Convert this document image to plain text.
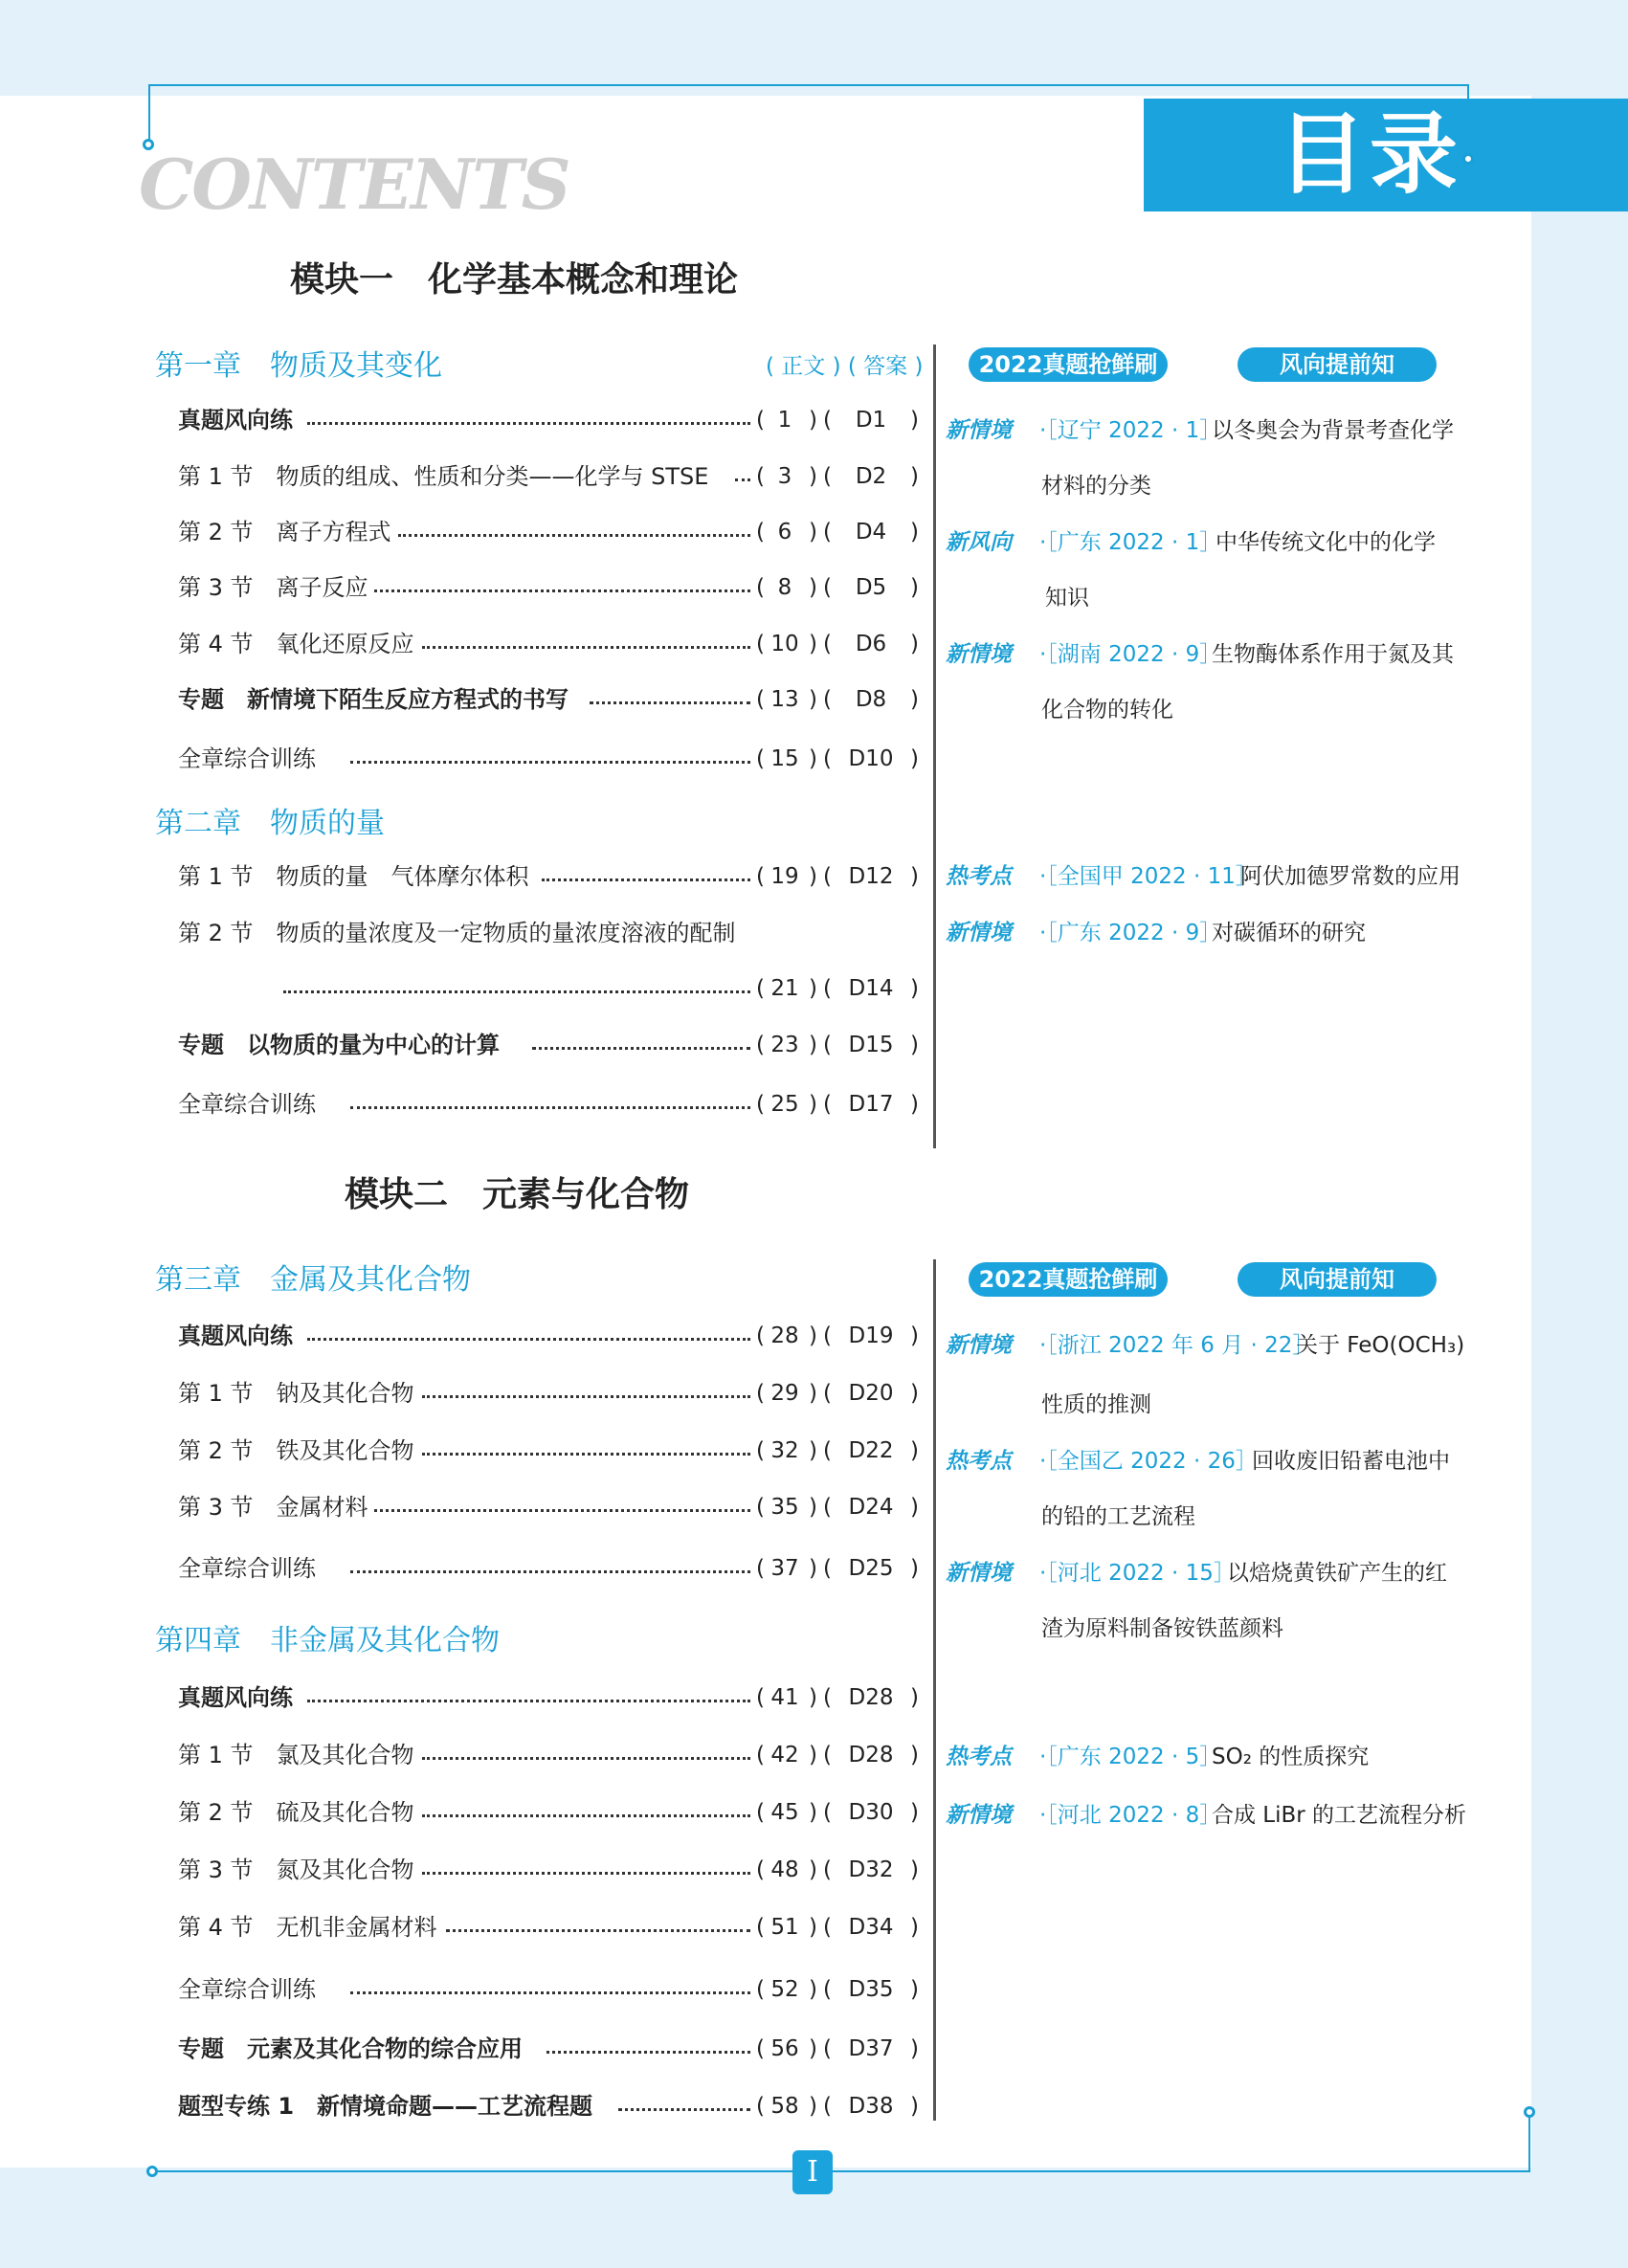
目录
CONTENTS
模块一　化学基本概念和理论
第一章　物质及其变化	( 正文 ) ( 答案 )	2022真题抢鲜刷	风向提前知
真题风向练	( 1 )	( D1 )
第 1 节　物质的组成、性质和分类——化学与 STSE	( 3 )	( D2 )
第 2 节　离子方程式	( 6 )	( D4 )
第 3 节　离子反应	( 8 )	( D5 )
第 4 节　氧化还原反应	( 10 )	( D6 )
专题　新情境下陌生反应方程式的书写	( 13 )	( D8 )
全章综合训练	( 15 )	( D10 )
新情境 ·［辽宁 2022 · 1］
以冬奥会为背景考查化学
材料的分类
新风向 ·［广东 2022 · 1］
中华传统文化中的化学
知识
新情境 ·［湖南 2022 · 9］
生物酶体系作用于氮及其
化合物的转化
第二章　物质的量
第 1 节　物质的量　气体摩尔体积	( 19 )	( D12 )
第 2 节　物质的量浓度及一定物质的量浓度溶液的配制
( 21 )	( D14 )
专题　以物质的量为中心的计算	( 23 )	( D15 )
全章综合训练	( 25 )	( D17 )
热考点 ·［全国甲 2022 · 11］
阿伏加德罗常数的应用
新情境 ·［广东 2022 · 9］
对碳循环的研究
模块二　元素与化合物
第三章　金属及其化合物	2022真题抢鲜刷	风向提前知
真题风向练	( 28 )	( D19 )
第 1 节　钠及其化合物	( 29 )	( D20 )
第 2 节　铁及其化合物	( 32 )	( D22 )
第 3 节　金属材料	( 35 )	( D24 )
全章综合训练	( 37 )	( D25 )
新情境 ·［浙江 2022 年 6 月 · 22］
关于 FeO(OCH₃)
性质的推测
热考点 ·［全国乙 2022 · 26］
回收废旧铅蓄电池中
的铅的工艺流程
新情境 ·［河北 2022 · 15］
以焙烧黄铁矿产生的红
渣为原料制备铵铁蓝颜料
第四章　非金属及其化合物
真题风向练	( 41 )	( D28 )
第 1 节　氯及其化合物	( 42 )	( D28 )
第 2 节　硫及其化合物	( 45 )	( D30 )
第 3 节　氮及其化合物	( 48 )	( D32 )
第 4 节　无机非金属材料	( 51 )	( D34 )
全章综合训练	( 52 )	( D35 )
专题　元素及其化合物的综合应用	( 56 )	( D37 )
题型专练 1　新情境命题——工艺流程题	( 58 )	( D38 )
热考点 ·［广东 2022 · 5］
SO₂ 的性质探究
新情境 ·［河北 2022 · 8］
合成 LiBr 的工艺流程分析
I
